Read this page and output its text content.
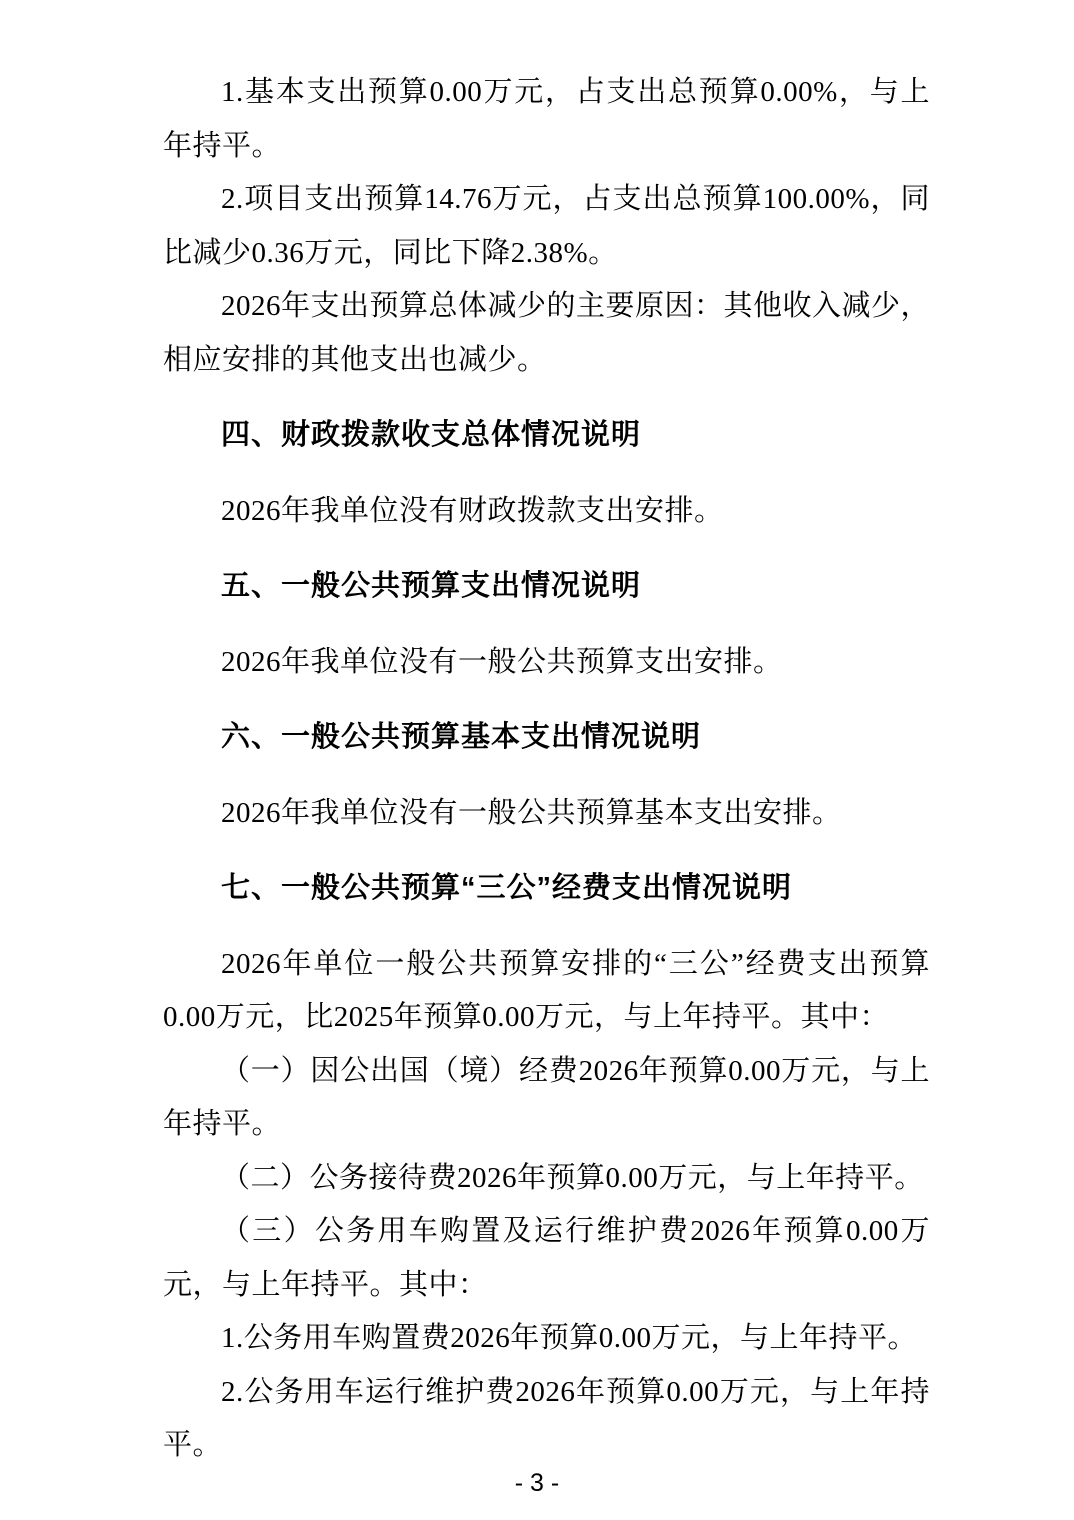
1.基本支出预算0.00万元，占支出总预算0.00%，与上年持平。

2.项目支出预算14.76万元，占支出总预算100.00%，同比减少0.36万元，同比下降2.38%。

2026年支出预算总体减少的主要原因：其他收入减少，相应安排的其他支出也减少。

四、财政拨款收支总体情况说明

2026年我单位没有财政拨款支出安排。

五、一般公共预算支出情况说明

2026年我单位没有一般公共预算支出安排。

六、一般公共预算基本支出情况说明

2026年我单位没有一般公共预算基本支出安排。

七、一般公共预算“三公”经费支出情况说明

2026年单位一般公共预算安排的“三公”经费支出预算0.00万元，比2025年预算0.00万元，与上年持平。其中：

（一）因公出国（境）经费2026年预算0.00万元，与上年持平。

（二）公务接待费2026年预算0.00万元，与上年持平。

（三）公务用车购置及运行维护费2026年预算0.00万元，与上年持平。其中：

1.公务用车购置费2026年预算0.00万元，与上年持平。

2.公务用车运行维护费2026年预算0.00万元，与上年持平。

- 3 -
